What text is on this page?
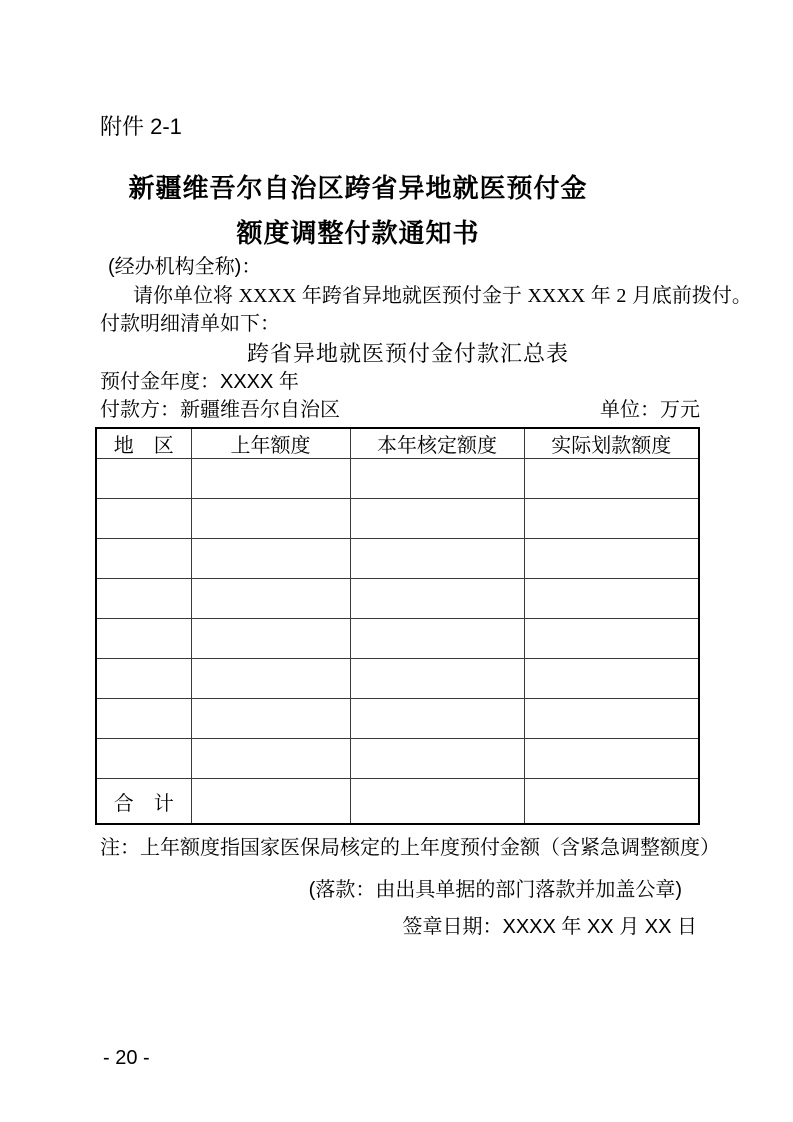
附件 2-1
新疆维吾尔自治区跨省异地就医预付金
额度调整付款通知书
(经办机构全称)：
请你单位将 XXXX 年跨省异地就医预付金于 XXXX 年 2 月底前拨付。
付款明细清单如下：
跨省异地就医预付金付款汇总表
预付金年度：XXXX 年
付款方：新疆维吾尔自治区	单位：万元
地　区	上年额度	本年核定额度	实际划款额度

合　计			
注：上年额度指国家医保局核定的上年度预付金额（含紧急调整额度）
(落款：由出具单据的部门落款并加盖公章)
签章日期：XXXX 年 XX 月 XX 日
- 20 -
